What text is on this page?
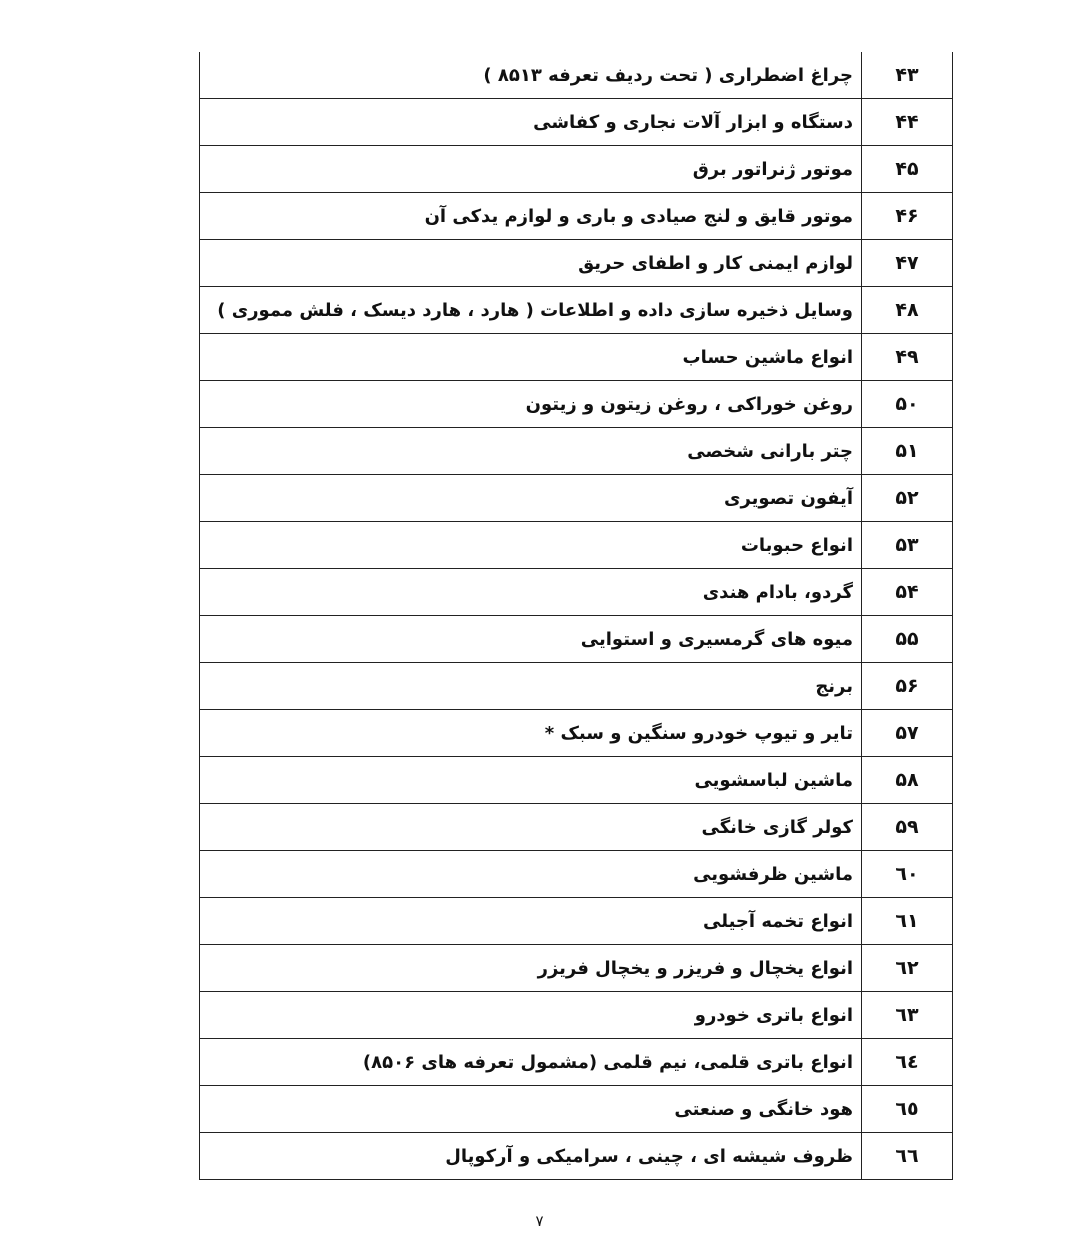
۴۳
چراغ اضطراری ( تحت ردیف تعرفه ۸۵۱۳ )
۴۴
دستگاه و ابزار آلات نجاری و کفاشی
۴۵
موتور ژنراتور برق
۴۶
موتور قایق و لنج صیادی و باری و لوازم یدکی آن
۴۷
لوازم ایمنی کار و اطفای حریق
۴۸
وسایل ذخیره سازی داده و اطلاعات ( هارد ، هارد دیسک ، فلش مموری )
۴۹
انواع ماشین حساب
۵۰
روغن خوراکی ، روغن زیتون و زیتون
۵۱
چتر بارانی شخصی
۵۲
آیفون تصویری
۵۳
انواع حبوبات
۵۴
گردو، بادام هندی
۵۵
میوه های گرمسیری و استوایی
۵۶
برنج
۵۷
تایر و تیوپ خودرو سنگین و سبک *
۵۸
ماشین لباسشویی
۵۹
کولر گازی خانگی
٦٠
ماشین ظرفشویی
٦١
انواع تخمه آجیلی
٦٢
انواع یخچال و فریزر و یخچال فریزر
٦٣
انواع باتری خودرو
٦٤
انواع باتری قلمی، نیم قلمی (مشمول تعرفه های ۸۵۰۶)
٦٥
هود خانگی و صنعتی
٦٦
ظروف شیشه ای ، چینی ، سرامیکی و آرکوپال
۷
